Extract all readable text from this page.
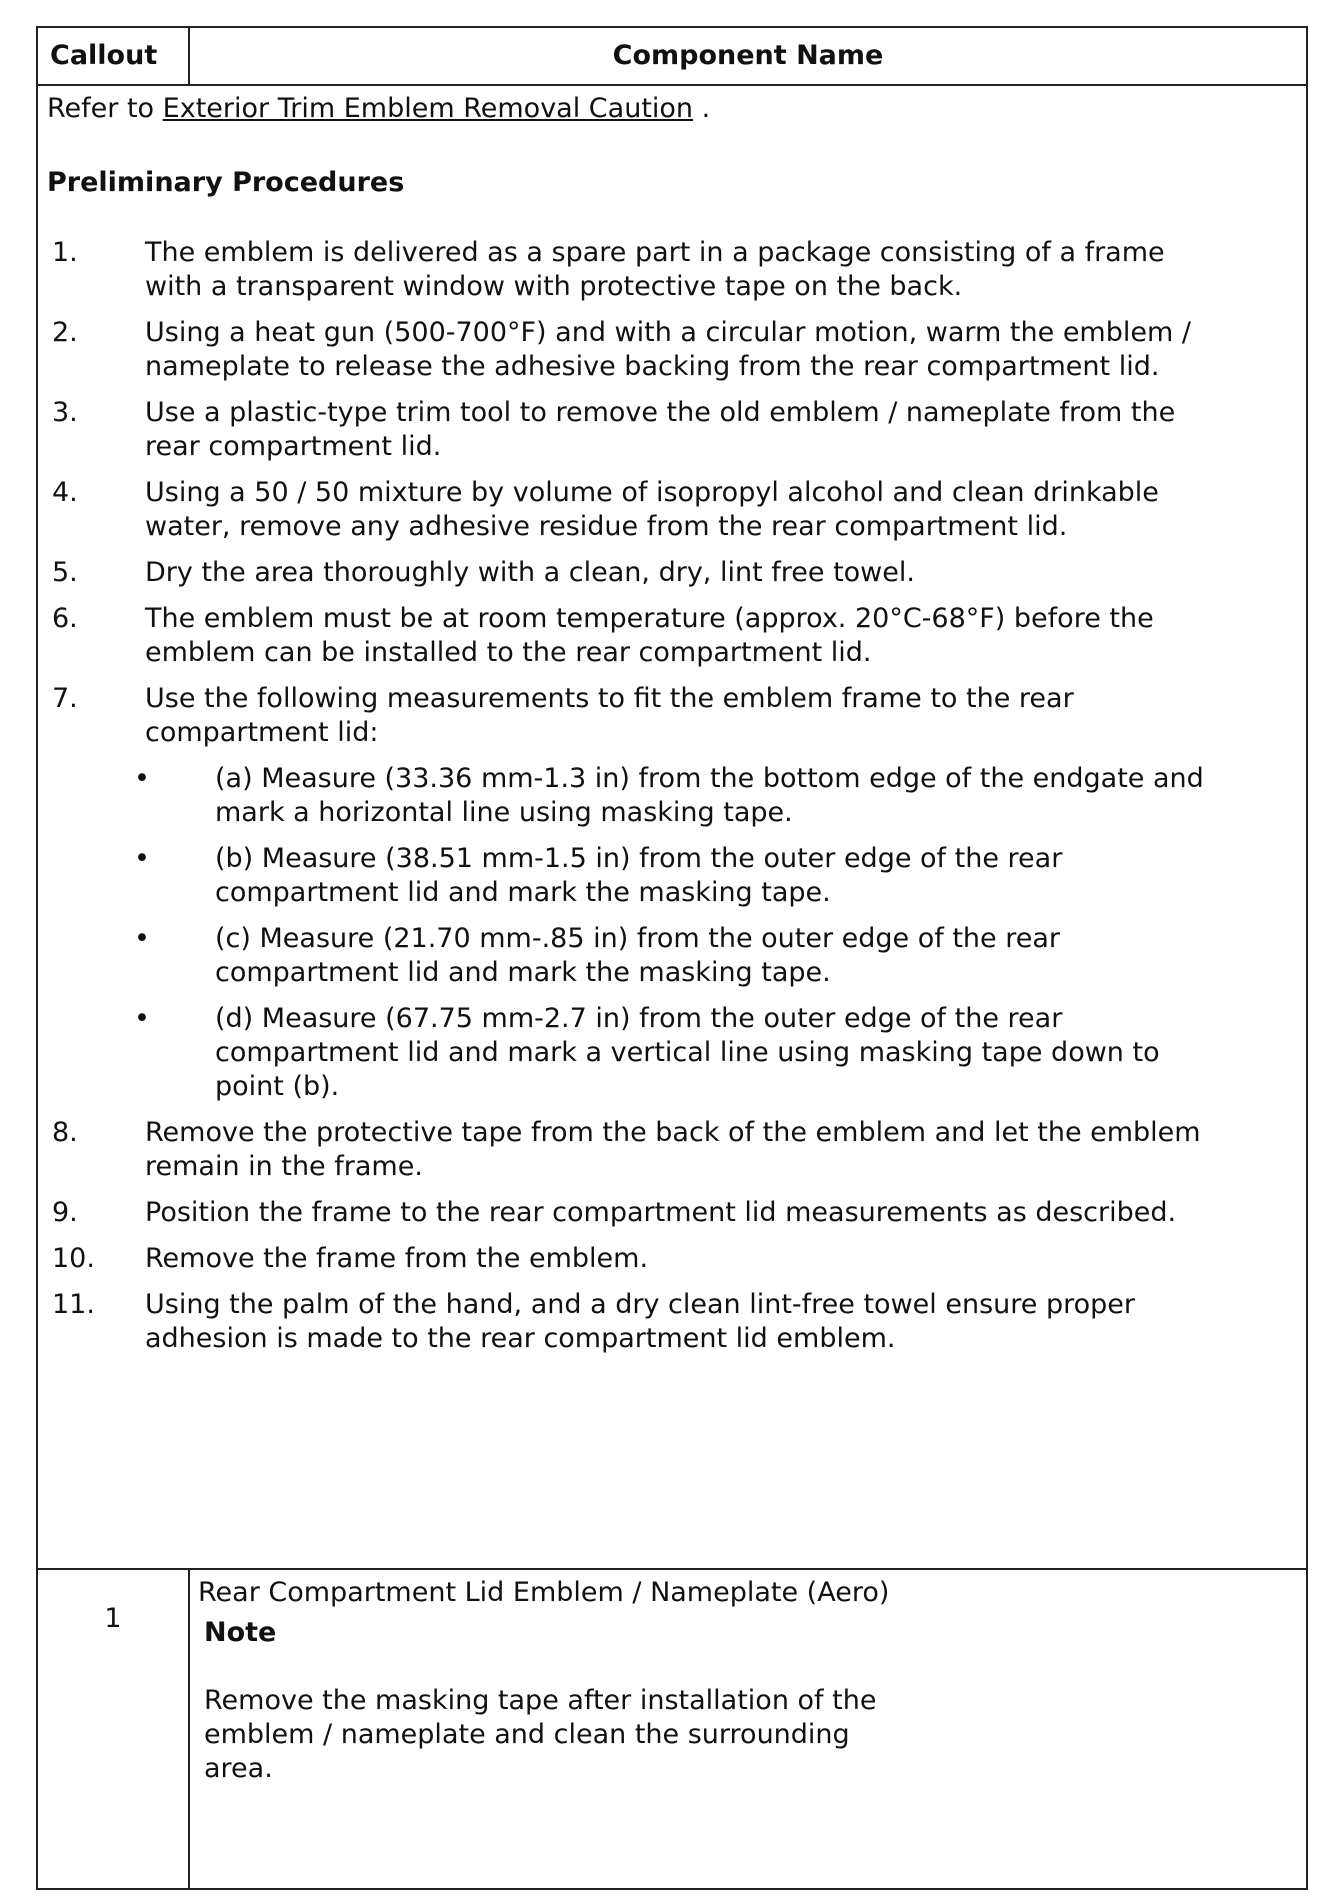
Callout	Component Name

Refer to Exterior Trim Emblem Removal Caution .

Preliminary Procedures
1. The emblem is delivered as a spare part in a package consisting of a frame with a transparent window with protective tape on the back.
2. Using a heat gun (500-700°F) and with a circular motion, warm the emblem / nameplate to release the adhesive backing from the rear compartment lid.
3. Use a plastic-type trim tool to remove the old emblem / nameplate from the rear compartment lid.
4. Using a 50 / 50 mixture by volume of isopropyl alcohol and clean drinkable water, remove any adhesive residue from the rear compartment lid.
5. Dry the area thoroughly with a clean, dry, lint free towel.
6. The emblem must be at room temperature (approx. 20°C-68°F) before the emblem can be installed to the rear compartment lid.
7. Use the following measurements to fit the emblem frame to the rear compartment lid:
• (a) Measure (33.36 mm-1.3 in) from the bottom edge of the endgate and mark a horizontal line using masking tape.
• (b) Measure (38.51 mm-1.5 in) from the outer edge of the rear compartment lid and mark the masking tape.
• (c) Measure (21.70 mm-.85 in) from the outer edge of the rear compartment lid and mark the masking tape.
• (d) Measure (67.75 mm-2.7 in) from the outer edge of the rear compartment lid and mark a vertical line using masking tape down to point (b).
8. Remove the protective tape from the back of the emblem and let the emblem remain in the frame.
9. Position the frame to the rear compartment lid measurements as described.
10. Remove the frame from the emblem.
11. Using the palm of the hand, and a dry clean lint-free towel ensure proper adhesion is made to the rear compartment lid emblem.
1

Rear Compartment Lid Emblem / Nameplate (Aero)

Note
Remove the masking tape after installation of the emblem / nameplate and clean the surrounding area.
